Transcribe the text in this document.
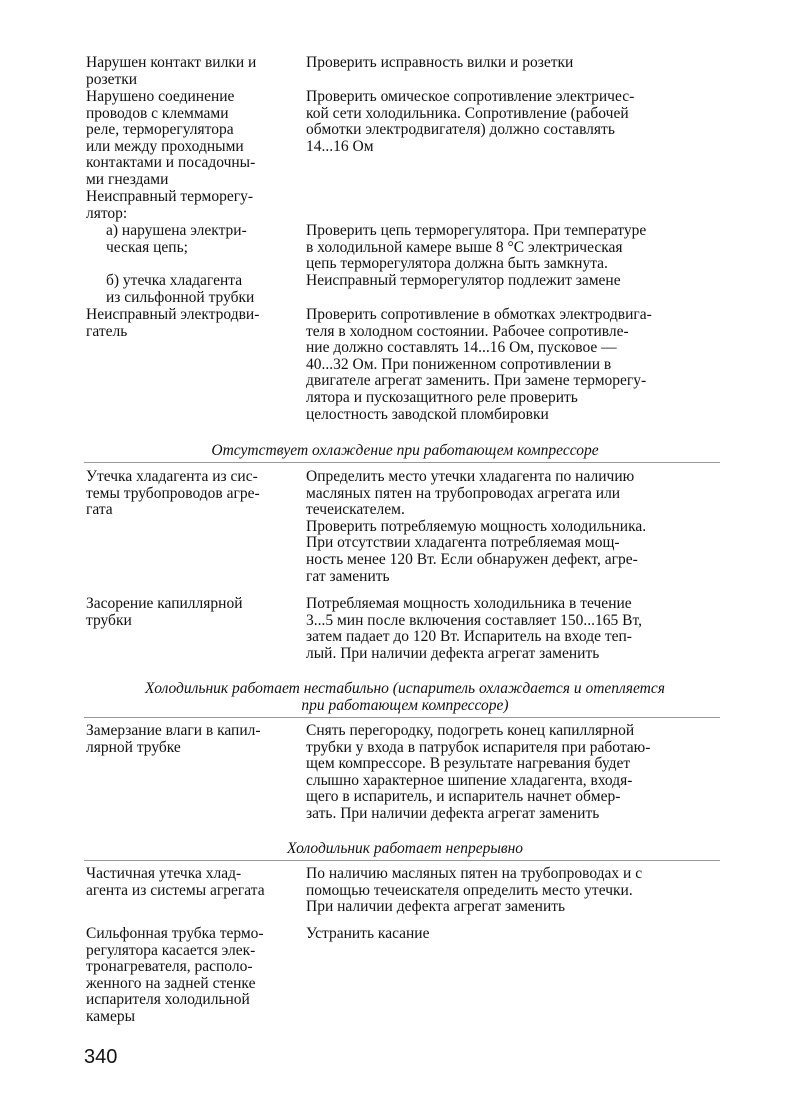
Нарушен контакт вилки и
розетки
Проверить исправность вилки и розетки
Нарушено соединение
проводов с клеммами
реле, терморегулятора
или между проходными
контактами и посадочны-
ми гнездами
Проверить омическое сопротивление электричес-
кой сети холодильника. Сопротивление (рабочей
обмотки электродвигателя) должно составлять
14...16 Ом
Неисправный терморегу-
лятор:
а) нарушена электри-
ческая цепь;
Проверить цепь терморегулятора. При температуре
в холодильной камере выше 8 °С электрическая
цепь терморегулятора должна быть замкнута.
б) утечка хладагента
из сильфонной трубки
Неисправный терморегулятор подлежит замене
Неисправный электродви-
гатель
Проверить сопротивление в обмотках электродвига-
теля в холодном состоянии. Рабочее сопротивле-
ние должно составлять 14...16 Ом, пусковое —
40...32 Ом. При пониженном сопротивлении в
двигателе агрегат заменить. При замене терморегу-
лятора и пускозащитного реле проверить
целостность заводской пломбировки
Отсутствует охлаждение при работающем компрессоре
Утечка хладагента из сис-
темы трубопроводов агре-
гата
Определить место утечки хладагента по наличию
масляных пятен на трубопроводах агрегата или
течеискателем.
Проверить потребляемую мощность холодильника.
При отсутствии хладагента потребляемая мощ-
ность менее 120 Вт. Если обнаружен дефект, агре-
гат заменить
Засорение капиллярной
трубки
Потребляемая мощность холодильника в течение
3...5 мин после включения составляет 150...165 Вт,
затем падает до 120 Вт. Испаритель на входе теп-
лый. При наличии дефекта агрегат заменить
Холодильник работает нестабильно (испаритель охлаждается и отепляется
при работающем компрессоре)
Замерзание влаги в капил-
лярной трубке
Снять перегородку, подогреть конец капиллярной
трубки у входа в патрубок испарителя при работаю-
щем компрессоре. В результате нагревания будет
слышно характерное шипение хладагента, входя-
щего в испаритель, и испаритель начнет обмер-
зать. При наличии дефекта агрегат заменить
Холодильник работает непрерывно
Частичная утечка хлад-
агента из системы агрегата
По наличию масляных пятен на трубопроводах и с
помощью течеискателя определить место утечки.
При наличии дефекта агрегат заменить
Сильфонная трубка термо-
регулятора касается элек-
тронагревателя, располо-
женного на задней стенке
испарителя холодильной
камеры
Устранить касание
340
